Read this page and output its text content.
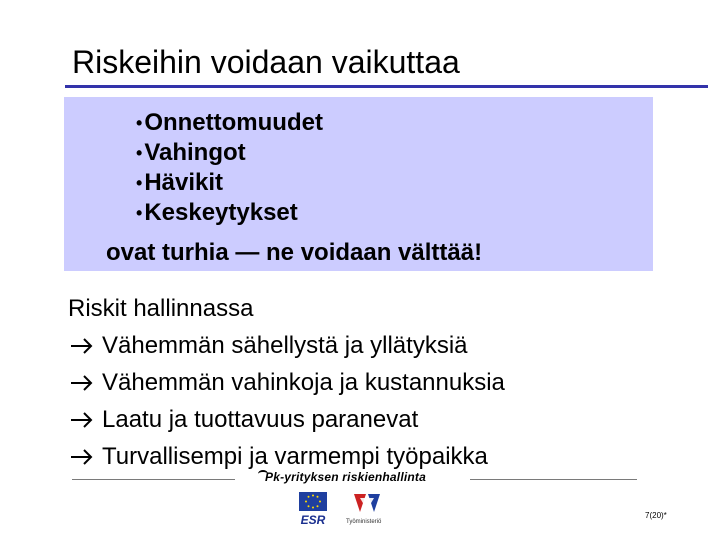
Riskeihin voidaan vaikuttaa
• Onnettomuudet
• Vahingot
• Hävikit
• Keskeytykset
ovat turhia — ne voidaan välttää!
Riskit hallinnassa
Vähemmän sähellystä ja yllätyksiä
Vähemmän vahinkoja ja kustannuksia
Laatu ja tuottavuus paranevat
Turvallisempi ja varmempi työpaikka
Pk-yrityksen riskienhallinta
ESR	Työministeriö
7(20)*
